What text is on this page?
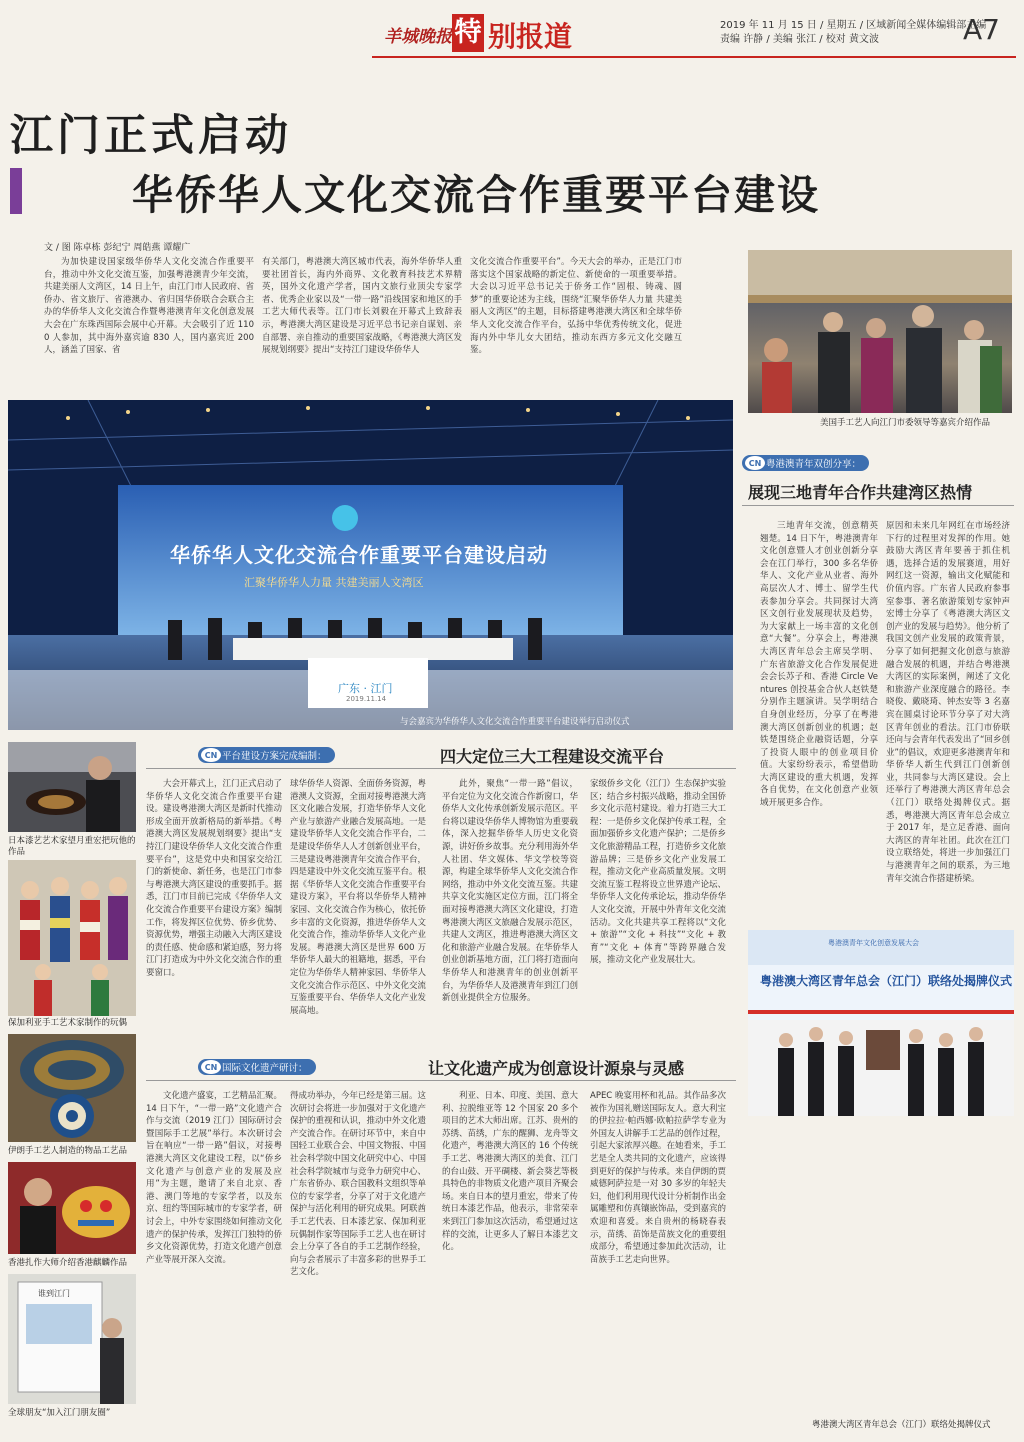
羊城晚报 特 别报道	2019 年 11 月 15 日 / 星期五 / 区域新闻全媒体编辑部主编
责编 许静 / 美编 张江 / 校对 黄文波	A7
江门正式启动
华侨华人文化交流合作重要平台建设
文 / 图 陈卓栋 彭纪宁 周皓燕 谭耀广

为加快建设国家级华侨华人文化交流合作重要平台，推动中外文化交流互鉴，加强粤港澳青少年交流，共建美丽人文湾区，14 日上午，由江门市人民政府、省侨办、省文旅厅、省港澳办、省归国华侨联合会联合主办的华侨华人文化交流合作暨粤港澳青年文化创意发展大会在广东珠西国际会展中心开幕。大会吸引了近 1100 人参加，其中海外嘉宾逾 830 人，国内嘉宾近 200 人，涵盖了国家、省

有关部门，粤港澳大湾区城市代表，海外华侨华人重要社团首长，海内外商界、文化教育科技艺术界精英，国外文化遗产学者，国内文旅行业顶尖专家学者、优秀企业家以及“一带一路”沿线国家和地区的手工艺大师代表等。江门市长刘毅在开幕式上致辞表示，粤港澳大湾区建设是习近平总书记亲自谋划、亲自部署、亲自推动的重要国家战略，《粤港澳大湾区发展规划纲要》提出“支持江门建设华侨华人

文化交流合作重要平台”。今天大会的举办，正是江门市落实这个国家战略的新定位、新使命的一项重要举措。大会以习近平总书记关于侨务工作“固根、铸魂、圆梦”的重要论述为主线，围绕“汇聚华侨华人力量 共建美丽人文湾区”的主题，目标搭建粤港澳大湾区和全球华侨华人文化交流合作平台，弘扬中华优秀传统文化，促进海内外中华儿女大团结，推动东西方多元文化交融互鉴。

美国手工艺人向江门市委领导等嘉宾介绍作品
华侨华人文化交流合作重要平台建设启动
汇聚华侨华人力量 共建美丽人文湾区
广东 · 江门
2019.11.14
与会嘉宾为华侨华人文化交流合作重要平台建设举行启动仪式
CN 粤港澳青年双创分享：
展现三地青年合作共建湾区热情

三地青年交流，创意精英翘楚。14 日下午，粤港澳青年文化创意暨人才创业创新分享会在江门举行，300 多名华侨华人、文化产业从业者、海外高层次人才、博士、留学生代表参加分享会。共同探讨大湾区文创行业发展现状及趋势，为大家献上一场丰富的文化创意“大餐”。分享会上，粤港澳大湾区青年总会主席吴学明、广东省旅游文化合作发展促进会会长苏子和、香港 Circle Ventures 创投基金合伙人赵铁楚分别作主题演讲。吴学明结合自身创业经历，分享了在粤港澳大湾区创新创业的机遇；赵铁楚围绕企业融资话题，分享了投资人眼中的创业项目价值。大家纷纷表示，希望借助大湾区建设的重大机遇，发挥各自优势，在文化创意产业领域开展更多合作。

原因和未来几年网红在市场经济下行的过程里对发挥的作用。她鼓励大湾区青年要善于抓住机遇，选择合适的发展赛道，用好网红这一资源，输出文化赋能和价值内容。广东省人民政府参事室参事、著名旅游策划专家钟声宏博士分享了《粤港澳大湾区文创产业的发展与趋势》。他分析了我国文创产业发展的政策背景，分享了如何把握文化创意与旅游融合发展的机遇，并结合粤港澳大湾区的实际案例，阐述了文化和旅游产业深度融合的路径。李晓俊、戴晓琦、钟杰安等 3 名嘉宾在圆桌讨论环节分享了对大湾区青年创业的看法。江门市侨联还向与会青年代表发出了“回乡创业”的倡议，欢迎更多港澳青年和华侨华人新生代到江门创新创业，共同参与大湾区建设。会上还举行了粤港澳大湾区青年总会（江门）联络处揭牌仪式。据悉，粤港澳大湾区青年总会成立于 2017 年，是立足香港、面向大湾区的青年社团。此次在江门设立联络处，将进一步加强江门与港澳青年之间的联系，为三地青年交流合作搭建桥梁。

粤港澳青年文化创意发展大会
粤港澳大湾区青年总会（江门）联络处揭牌仪式
粤港澳大湾区青年总会（江门）联络处揭牌仪式
日本漆艺艺术家望月重宏把玩他的作品
保加利亚手工艺术家制作的玩偶
伊朗手工艺人制造的物品工艺品
香港扎作大师介绍香港麒麟作品
谁到江门
全球朋友“加入江门朋友圈”
CN 平台建设方案完成编制：	四大定位三大工程建设交流平台

大会开幕式上，江门正式启动了华侨华人文化交流合作重要平台建设。建设粤港澳大湾区是新时代推动形成全面开放新格局的新举措。《粤港澳大湾区发展规划纲要》提出“支持江门建设华侨华人文化交流合作重要平台”，这是党中央和国家交给江门的新使命、新任务，也是江门市参与粤港澳大湾区建设的重要抓手。据悉，江门市目前已完成《华侨华人文化交流合作重要平台建设方案》编制工作，将发挥区位优势、侨乡优势、资源优势，增强主动融入大湾区建设的责任感、使命感和紧迫感，努力将江门打造成为中外文化交流合作的重要窗口。

球华侨华人资源、全面侨务资源，粤港澳人文资源，全面对接粤港澳大湾区文化融合发展，打造华侨华人文化产业与旅游产业融合发展高地。一是建设华侨华人文化交流合作平台，二是建设华侨华人人才创新创业平台，三是建设粤港澳青年交流合作平台，四是建设中外文化交流互鉴平台。根据《华侨华人文化交流合作重要平台建设方案》，平台将以华侨华人精神家园、文化交流合作为核心，依托侨乡丰富的文化资源，推进华侨华人文化交流合作，推动华侨华人文化产业发展。粤港澳大湾区是世界 600 万华侨华人最大的祖籍地，据悉，平台定位为华侨华人精神家园、华侨华人文化交流合作示范区、中外文化交流互鉴重要平台、华侨华人文化产业发展高地。

此外，聚焦“一带一路”倡议，平台定位为文化交流合作新窗口，华侨华人文化传承创新发展示范区。平台将以建设华侨华人博物馆为重要载体，深入挖掘华侨华人历史文化资源，讲好侨乡故事。充分利用海外华人社团、华文媒体、华文学校等资源，构建全球华侨华人文化交流合作网络，推动中外文化交流互鉴。共建共享文化实施区定位方面，江门将全面对接粤港澳大湾区文化建设，打造粤港澳大湾区文旅融合发展示范区，共建人文湾区，推进粤港澳大湾区文化和旅游产业融合发展。在华侨华人创业创新基地方面，江门将打造面向华侨华人和港澳青年的创业创新平台，为华侨华人及港澳青年到江门创新创业提供全方位服务。

家级侨乡文化（江门）生态保护实验区；结合乡村振兴战略，推动全国侨乡文化示范村建设。着力打造三大工程：一是侨乡文化保护传承工程，全面加强侨乡文化遗产保护；二是侨乡文化旅游精品工程，打造侨乡文化旅游品牌；三是侨乡文化产业发展工程，推动文化产业高质量发展。文明交流互鉴工程将设立世界遗产论坛、华侨华人文化传承论坛，推动华侨华人文化交流，开展中外青年文化交流活动。文化共建共享工程将以“文化 + 旅游”“文化 + 科技”“文化 + 教育”“文化 + 体育”等跨界融合发展，推动文化产业发展壮大。

CN 国际文化遗产研讨：	让文化遗产成为创意设计源泉与灵感

文化遗产盛宴，工艺精品汇聚。14 日下午，“一带一路”文化遗产合作与交流（2019 江门）国际研讨会暨国际手工艺展”举行。本次研讨会旨在响应“一带一路”倡议，对接粤港澳大湾区文化建设工程，以“侨乡文化遗产与创意产业的发展及应用”为主题，邀请了来自北京、香港、澳门等地的专家学者，以及东京、纽约等国际城市的专家学者，研讨会上，中外专家围绕如何推动文化遗产的保护传承，发挥江门独特的侨乡文化资源优势，打造文化遗产创意产业等展开深入交流。

得成功举办，今年已经是第三届。这次研讨会将进一步加强对于文化遗产保护的重视和认识，推动中外文化遗产交流合作。在研讨环节中，来自中国轻工业联合会、中国文物报、中国社会科学院中国文化研究中心、中国社会科学院城市与竞争力研究中心、广东省侨办、联合国教科文组织等单位的专家学者，分享了对于文化遗产保护与活化利用的研究成果。阿联酋手工艺代表、日本漆艺家、保加利亚玩偶制作家等国际手工艺人也在研讨会上分享了各自的手工艺制作经验，向与会者展示了丰富多彩的世界手工艺文化。

利亚、日本、印度、美国、意大利、拉脱维亚等 12 个国家 20 多个项目的艺术大师出席。江苏、贵州的苏绣、苗绣，广东的醒狮、龙舟等文化遗产，粤港澳大湾区的 16 个传统手工艺、粤港澳大湾区的美食、江门的台山鼓、开平碉楼、新会葵艺等极具特色的非物质文化遗产项目齐聚会场。来自日本的望月重宏，带来了传统日本漆艺作品，他表示，非常荣幸来到江门参加这次活动，希望通过这样的交流，让更多人了解日本漆艺文化。

APEC 晚宴用杯和礼品。其作品多次被作为国礼赠送国际友人。意大利宝的伊拉拉·帕西娜·欧帕拉萨学专业为外国友人讲解手工艺品的创作过程，引起大家浓厚兴趣。在她看来，手工艺是全人类共同的文化遗产，应该得到更好的保护与传承。来自伊朗的贾威德阿萨拉是一对 30 多岁的年轻夫妇，他们利用现代设计分析制作出金属雕塑和仿真镶嵌饰品，受到嘉宾的欢迎和喜爱。来自贵州的杨晓春表示，苗绣、苗饰是苗族文化的重要组成部分，希望通过参加此次活动，让苗族手工艺走向世界。
